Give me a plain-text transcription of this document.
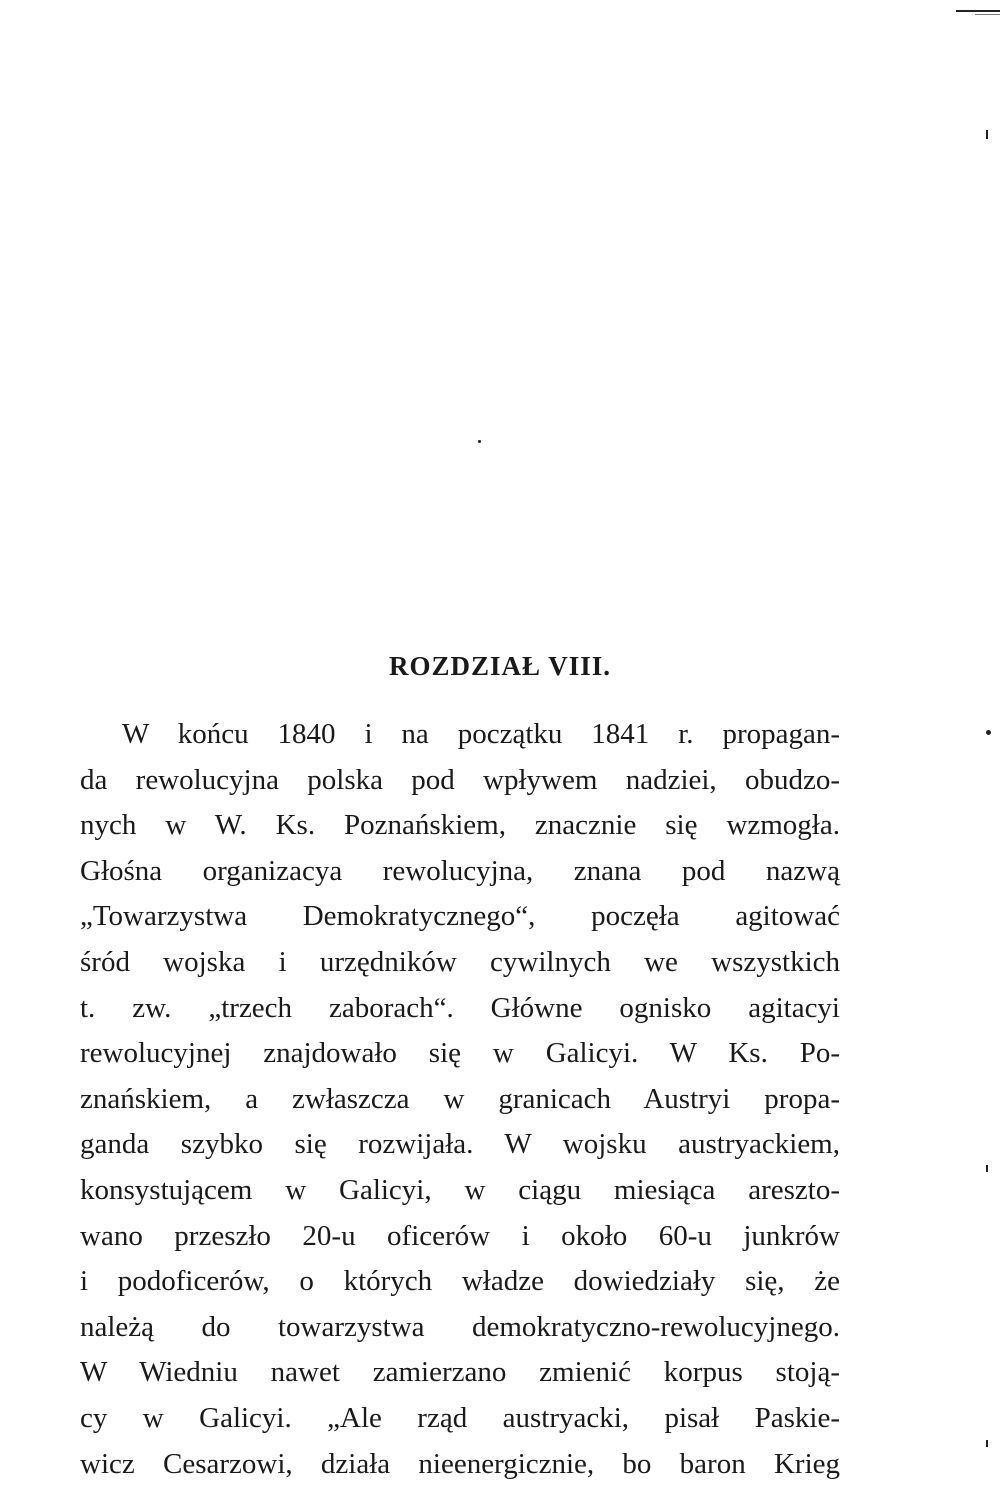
ROZDZIAŁ VIII.
W końcu 1840 i na początku 1841 r. propagan-
da rewolucyjna polska pod wpływem nadziei, obudzo-
nych w W. Ks. Poznańskiem, znacznie się wzmogła.
Głośna organizacya rewolucyjna, znana pod nazwą
„Towarzystwa Demokratycznego“, poczęła agitować
śród wojska i urzędników cywilnych we wszystkich
t. zw. „trzech zaborach“. Główne ognisko agitacyi
rewolucyjnej znajdowało się w Galicyi. W Ks. Po-
znańskiem, a zwłaszcza w granicach Austryi propa-
ganda szybko się rozwijała. W wojsku austryackiem,
konsystującem w Galicyi, w ciągu miesiąca aresztо-
wano przeszło 20-u oficerów i około 60-u junkrów
i podoficerów, o których władze dowiedziały się, że
należą do towarzystwa demokratyczno-rewolucyjnego.
W Wiedniu nawet zamierzano zmienić korpus stoją-
cy w Galicyi. „Ale rząd austryacki, pisał Paskie-
wicz Cesarzowi, działa nieenergicznie, bo baron Krieg
